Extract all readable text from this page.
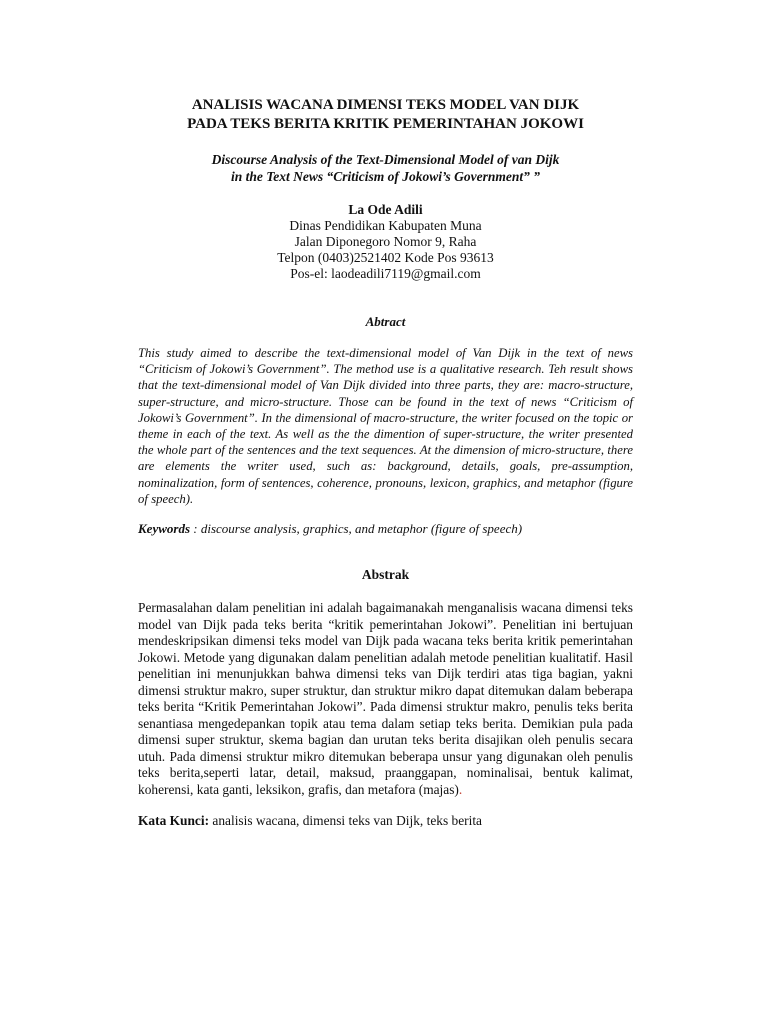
ANALISIS WACANA DIMENSI TEKS MODEL VAN DIJK

PADA TEKS BERITA KRITIK PEMERINTAHAN JOKOWI

Discourse Analysis of the Text-Dimensional Model of van Dijk

in the Text News “Criticism of Jokowi’s Government” ”

La Ode Adili

Dinas Pendidikan Kabupaten Muna

Jalan Diponegoro Nomor 9, Raha

Telpon (0403)2521402 Kode Pos 93613

Pos-el: laodeadili7119@gmail.com

Abtract

This study aimed to describe the text-dimensional model of Van Dijk in the text of news “Criticism of Jokowi’s Government”. The method use is a qualitative research. Teh result shows that the text-dimensional model of Van Dijk divided into three parts, they are: macro-structure, super-structure, and micro-structure. Those can be found in the text of news “Criticism of Jokowi’s Government”. In the dimensional of macro-structure, the writer focused on the topic or theme in each of the text. As well as the the dimention of super-structure, the writer presented the whole part of the sentences and the text sequences. At the dimension of micro-structure, there are elements the writer used, such as: background, details, goals, pre-assumption, nominalization, form of sentences, coherence, pronouns, lexicon, graphics, and metaphor (figure of speech).

Keywords : discourse analysis, graphics, and metaphor (figure of speech)

Abstrak

Permasalahan dalam penelitian ini adalah bagaimanakah menganalisis wacana dimensi teks model van Dijk pada teks berita “kritik pemerintahan Jokowi”. Penelitian ini bertujuan mendeskripsikan dimensi teks model van Dijk pada wacana teks berita kritik pemerintahan Jokowi. Metode yang digunakan dalam penelitian adalah metode penelitian kualitatif. Hasil penelitian ini menunjukkan bahwa dimensi teks van Dijk terdiri atas tiga bagian, yakni dimensi struktur makro, super struktur, dan struktur mikro dapat ditemukan dalam beberapa teks berita “Kritik Pemerintahan Jokowi”. Pada dimensi struktur makro, penulis teks berita senantiasa mengedepankan topik atau tema dalam setiap teks berita. Demikian pula pada dimensi super struktur, skema bagian dan urutan teks berita disajikan oleh penulis secara utuh. Pada dimensi struktur mikro ditemukan beberapa unsur yang digunakan oleh penulis teks berita,seperti latar, detail, maksud, praanggapan, nominalisai, bentuk kalimat, koherensi, kata ganti, leksikon, grafis, dan metafora (majas).

Kata Kunci: analisis wacana, dimensi teks van Dijk, teks berita
